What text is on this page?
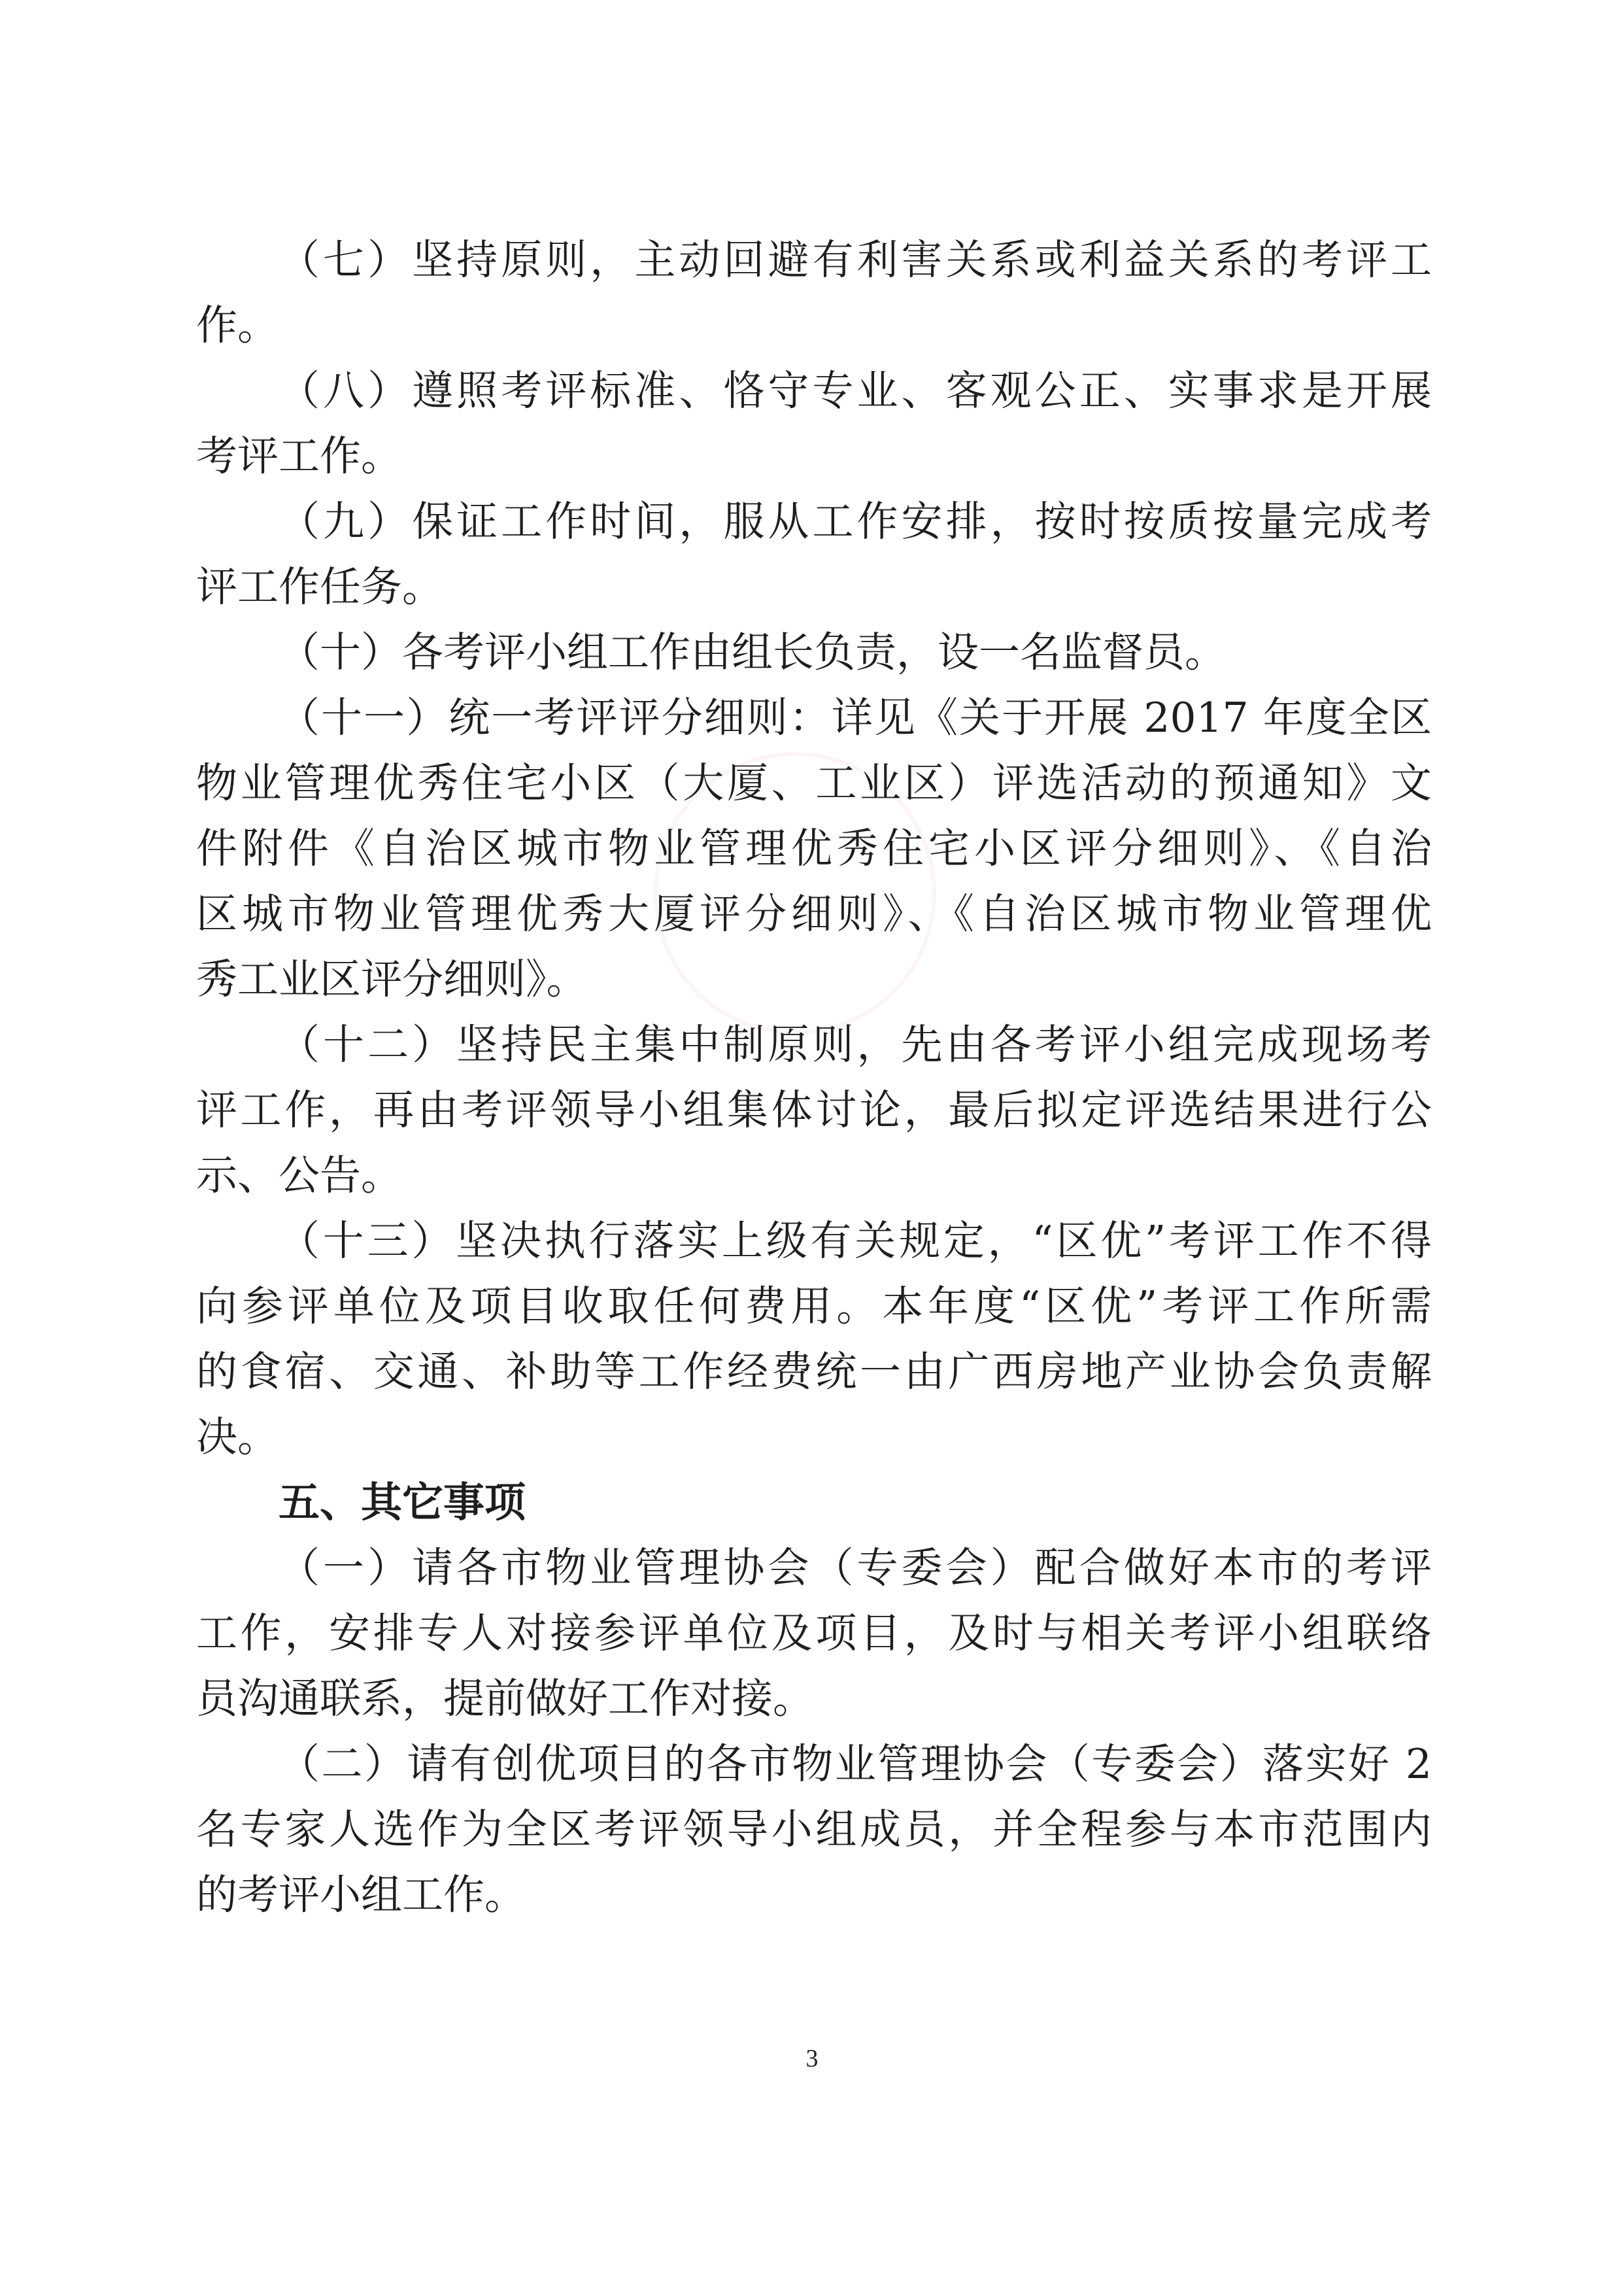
（七）坚持原则，主动回避有利害关系或利益关系的考评工
作。
（八）遵照考评标准、恪守专业、客观公正、实事求是开展
考评工作。
（九）保证工作时间，服从工作安排，按时按质按量完成考
评工作任务。
（十）各考评小组工作由组长负责，设一名监督员。
（十一）统一考评评分细则：详见《关于开展 2017 年度全区
物业管理优秀住宅小区（大厦、工业区）评选活动的预通知》文
件附件《自治区城市物业管理优秀住宅小区评分细则》、《自治
区城市物业管理优秀大厦评分细则》、《自治区城市物业管理优
秀工业区评分细则》。
（十二）坚持民主集中制原则，先由各考评小组完成现场考
评工作，再由考评领导小组集体讨论，最后拟定评选结果进行公
示、公告。
（十三）坚决执行落实上级有关规定，“区优”考评工作不得
向参评单位及项目收取任何费用。本年度“区优”考评工作所需
的食宿、交通、补助等工作经费统一由广西房地产业协会负责解
决。
五、其它事项
（一）请各市物业管理协会（专委会）配合做好本市的考评
工作，安排专人对接参评单位及项目，及时与相关考评小组联络
员沟通联系，提前做好工作对接。
（二）请有创优项目的各市物业管理协会（专委会）落实好 2
名专家人选作为全区考评领导小组成员，并全程参与本市范围内
的考评小组工作。
3
